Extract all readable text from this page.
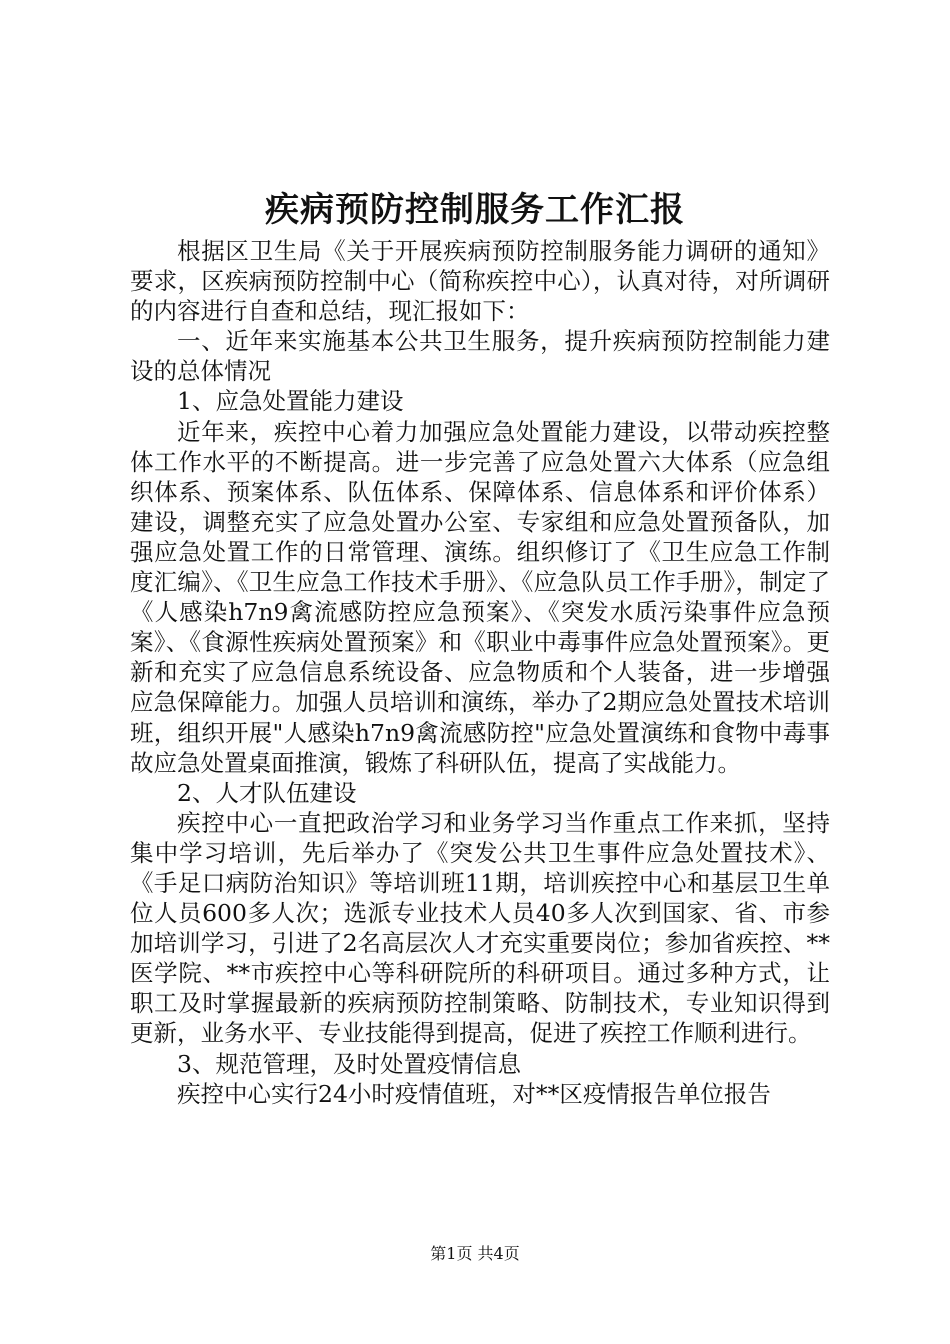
疾病预防控制服务工作汇报

根据区卫生局《关于开展疾病预防控制服务能力调研的通知》要求，区疾病预防控制中心（简称疾控中心），认真对待，对所调研的内容进行自查和总结，现汇报如下：

一、近年来实施基本公共卫生服务，提升疾病预防控制能力建设的总体情况

1、应急处置能力建设

近年来，疾控中心着力加强应急处置能力建设，以带动疾控整体工作水平的不断提高。进一步完善了应急处置六大体系（应急组织体系、预案体系、队伍体系、保障体系、信息体系和评价体系）建设，调整充实了应急处置办公室、专家组和应急处置预备队，加强应急处置工作的日常管理、演练。组织修订了《卫生应急工作制度汇编》、《卫生应急工作技术手册》、《应急队员工作手册》，制定了《人感染h7n9禽流感防控应急预案》、《突发水质污染事件应急预案》、《食源性疾病处置预案》和《职业中毒事件应急处置预案》。更新和充实了应急信息系统设备、应急物质和个人装备，进一步增强应急保障能力。加强人员培训和演练，举办了2期应急处置技术培训班，组织开展"人感染h7n9禽流感防控"应急处置演练和食物中毒事故应急处置桌面推演，锻炼了科研队伍，提高了实战能力。

2、人才队伍建设

疾控中心一直把政治学习和业务学习当作重点工作来抓，坚持集中学习培训，先后举办了《突发公共卫生事件应急处置技术》、《手足口病防治知识》等培训班11期，培训疾控中心和基层卫生单位人员600多人次；选派专业技术人员40多人次到国家、省、市参加培训学习，引进了2名高层次人才充实重要岗位；参加省疾控、**医学院、**市疾控中心等科研院所的科研项目。通过多种方式，让职工及时掌握最新的疾病预防控制策略、防制技术，专业知识得到更新，业务水平、专业技能得到提高，促进了疾控工作顺利进行。

3、规范管理，及时处置疫情信息

疾控中心实行24小时疫情值班，对**区疫情报告单位报告

第1页 共4页
